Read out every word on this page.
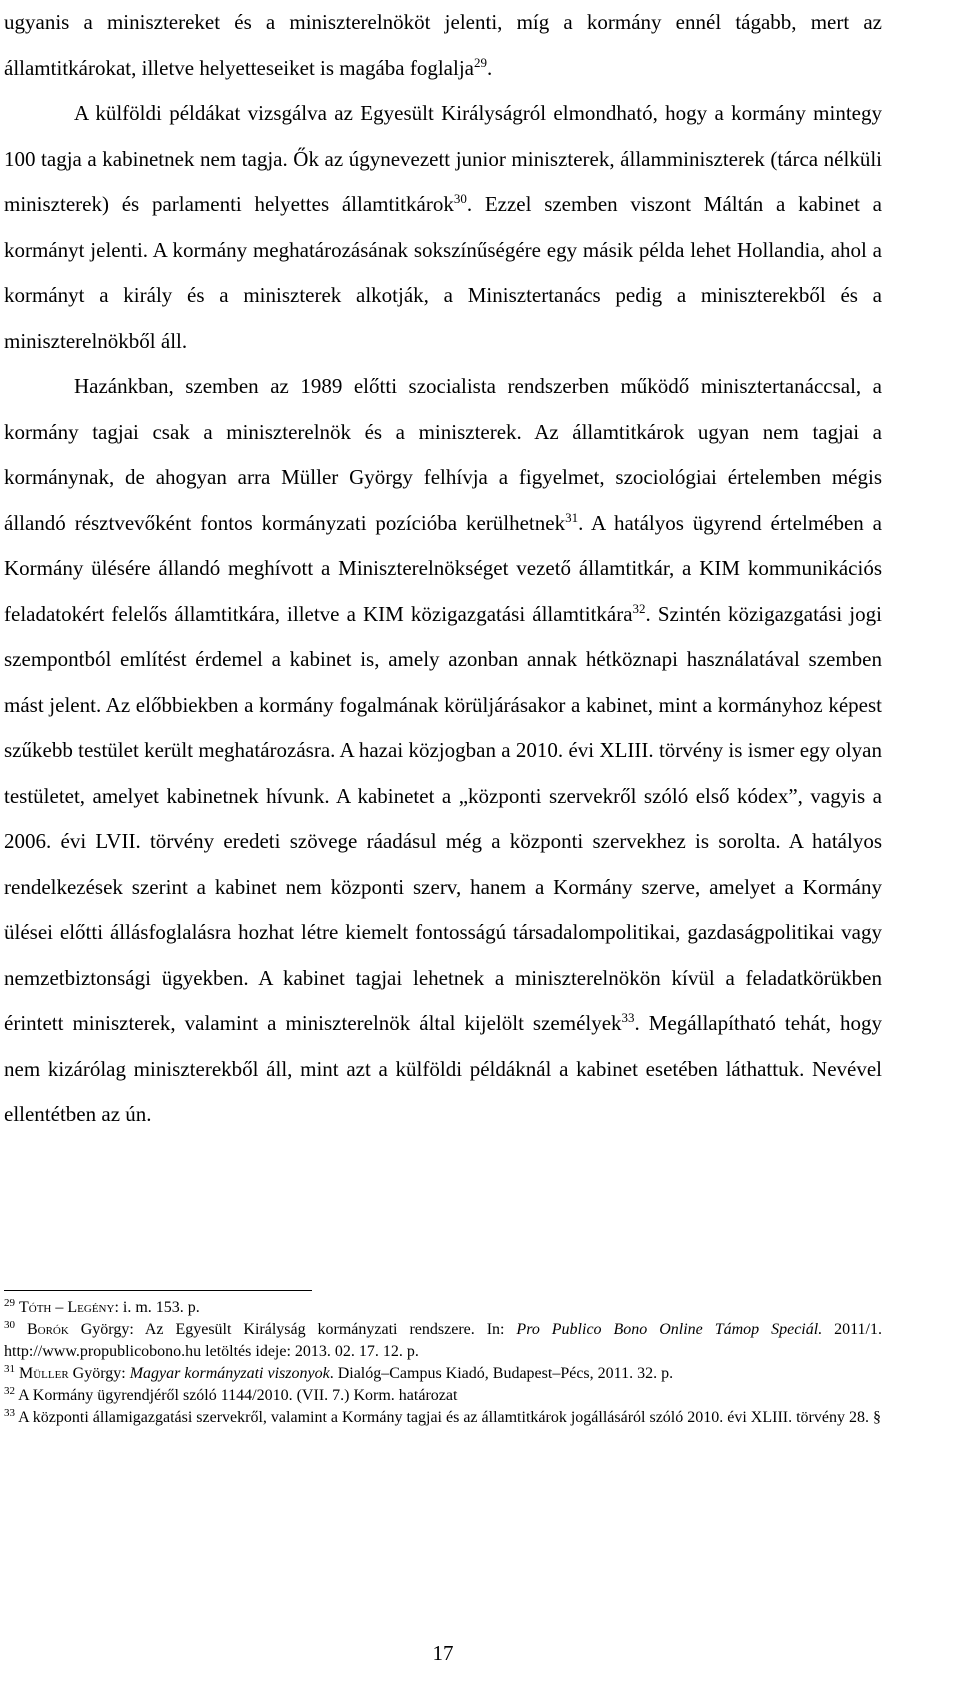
ugyanis a minisztereket és a miniszterelnököt jelenti, míg a kormány ennél tágabb, mert az államtitkárokat, illetve helyetteseiket is magába foglalja$^{29}$.

A külföldi példákat vizsgálva az Egyesült Királyságról elmondható, hogy a kormány mintegy 100 tagja a kabinetnek nem tagja. Ők az úgynevezett junior miniszterek, államminiszterek (tárca nélküli miniszterek) és parlamenti helyettes államtitkárok$^{30}$. Ezzel szemben viszont Máltán a kabinet a kormányt jelenti. A kormány meghatározásának sokszínűségére egy másik példa lehet Hollandia, ahol a kormányt a király és a miniszterek alkotják, a Minisztertanács pedig a miniszterekből és a miniszterelnökből áll.

Hazánkban, szemben az 1989 előtti szocialista rendszerben működő minisztertanáccsal, a kormány tagjai csak a miniszterelnök és a miniszterek. Az államtitkárok ugyan nem tagjai a kormánynak, de ahogyan arra Müller György felhívja a figyelmet, szociológiai értelemben mégis állandó résztvevőként fontos kormányzati pozícióba kerülhetnek$^{31}$. A hatályos ügyrend értelmében a Kormány ülésére állandó meghívott a Miniszterelnökséget vezető államtitkár, a KIM kommunikációs feladatokért felelős államtitkára, illetve a KIM közigazgatási államtitkára$^{32}$. Szintén közigazgatási jogi szempontból említést érdemel a kabinet is, amely azonban annak hétköznapi használatával szemben mást jelent. Az előbbiekben a kormány fogalmának körüljárásakor a kabinet, mint a kormányhoz képest szűkebb testület került meghatározásra. A hazai közjogban a 2010. évi XLIII. törvény is ismer egy olyan testületet, amelyet kabinetnek hívunk. A kabinetet a „központi szervekről szóló első kódex”, vagyis a 2006. évi LVII. törvény eredeti szövege ráadásul még a központi szervekhez is sorolta. A hatályos rendelkezések szerint a kabinet nem központi szerv, hanem a Kormány szerve, amelyet a Kormány ülései előtti állásfoglalásra hozhat létre kiemelt fontosságú társadalompolitikai, gazdaságpolitikai vagy nemzetbiztonsági ügyekben. A kabinet tagjai lehetnek a miniszterelnökön kívül a feladatkörükben érintett miniszterek, valamint a miniszterelnök által kijelölt személyek$^{33}$. Megállapítható tehát, hogy nem kizárólag miniszterekből áll, mint azt a külföldi példáknál a kabinet esetében láthattuk. Nevével ellentétben az ún.

$^{29}$ Tóth – Legény: i. m. 153. p.

$^{30}$ Borók György: Az Egyesült Királyság kormányzati rendszere. In: Pro Publico Bono Online Támop Speciál. 2011/1. http://www.propublicobono.hu letöltés ideje: 2013. 02. 17. 12. p.

$^{31}$ Müller György: Magyar kormányzati viszonyok. Dialóg–Campus Kiadó, Budapest–Pécs, 2011. 32. p.

$^{32}$ A Kormány ügyrendjéről szóló 1144/2010. (VII. 7.) Korm. határozat

$^{33}$ A központi államigazgatási szervekről, valamint a Kormány tagjai és az államtitkárok jogállásáról szóló 2010. évi XLIII. törvény 28. §

17
